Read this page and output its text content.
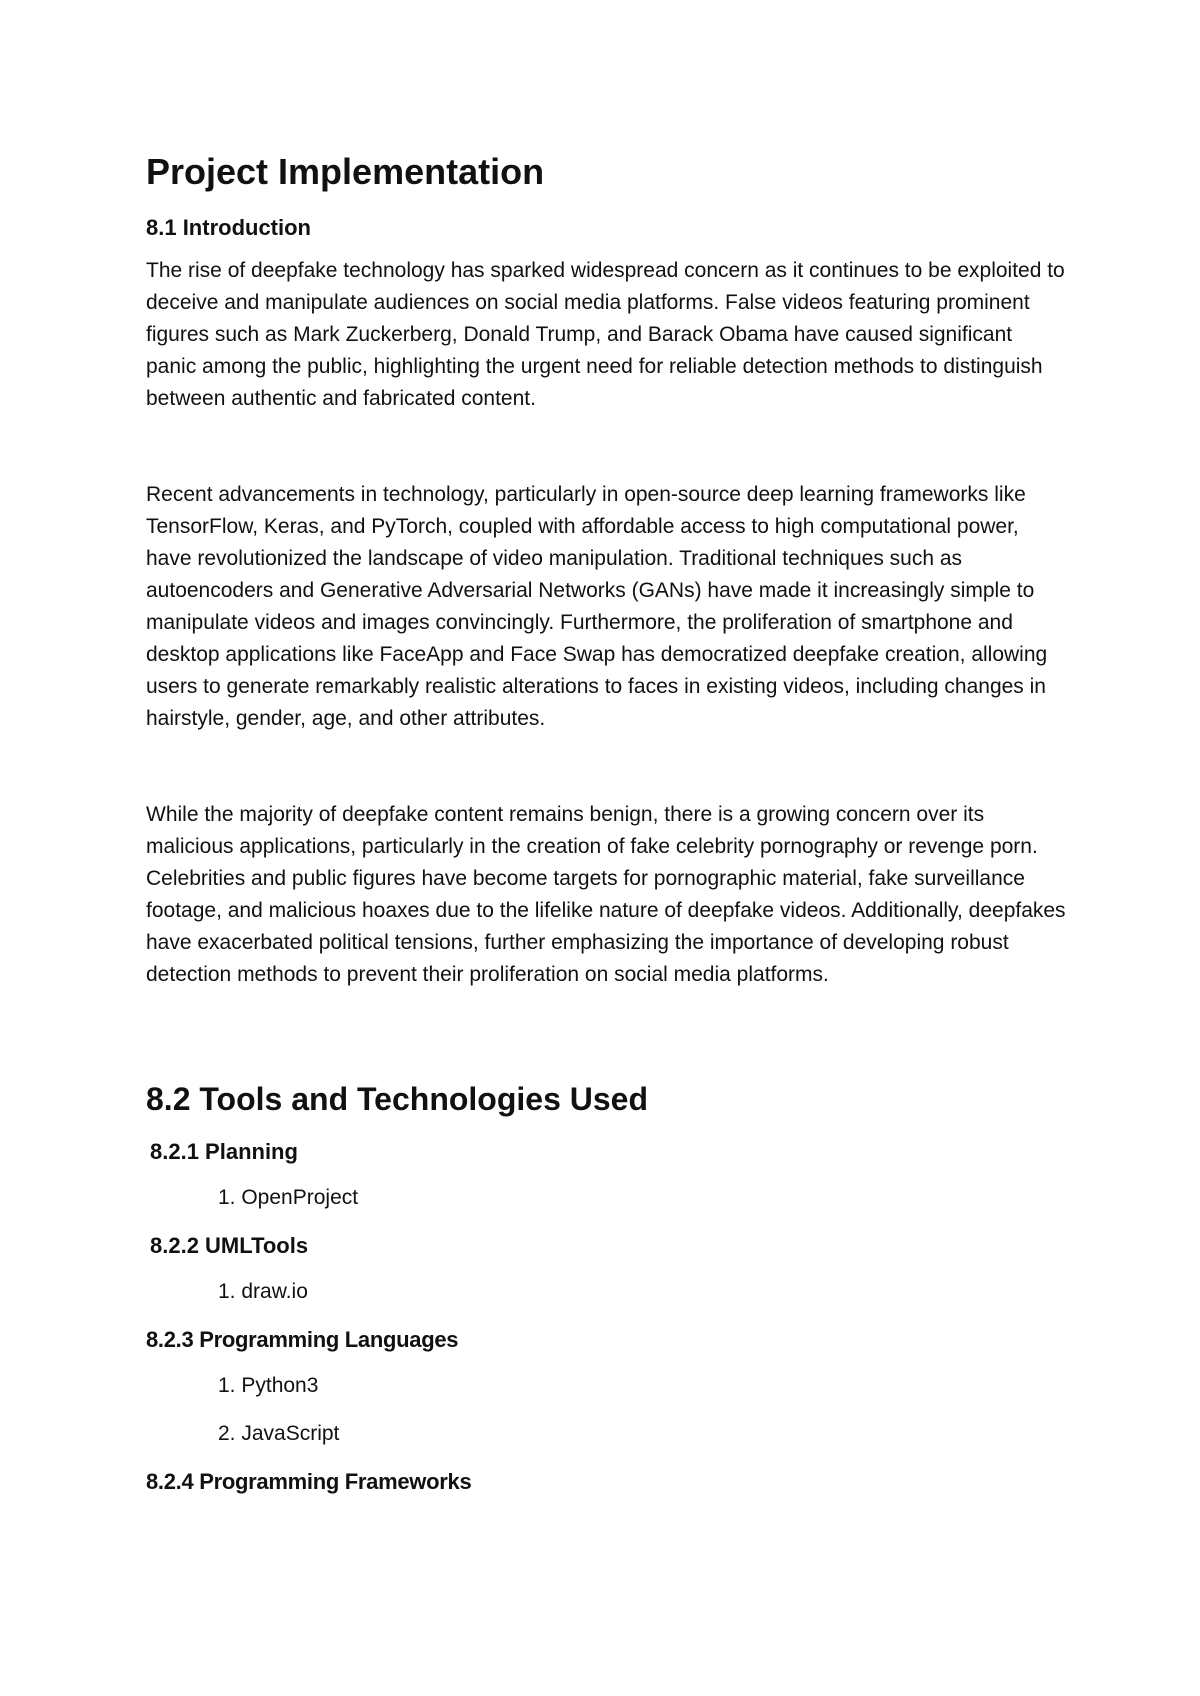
Project Implementation
8.1 Introduction

The rise of deepfake technology has sparked widespread concern as it continues to be exploited to deceive and manipulate audiences on social media platforms. False videos featuring prominent figures such as Mark Zuckerberg, Donald Trump, and Barack Obama have caused significant panic among the public, highlighting the urgent need for reliable detection methods to distinguish between authentic and fabricated content.

Recent advancements in technology, particularly in open-source deep learning frameworks like TensorFlow, Keras, and PyTorch, coupled with affordable access to high computational power, have revolutionized the landscape of video manipulation. Traditional techniques such as autoencoders and Generative Adversarial Networks (GANs) have made it increasingly simple to manipulate videos and images convincingly. Furthermore, the proliferation of smartphone and desktop applications like FaceApp and Face Swap has democratized deepfake creation, allowing users to generate remarkably realistic alterations to faces in existing videos, including changes in hairstyle, gender, age, and other attributes.

While the majority of deepfake content remains benign, there is a growing concern over its malicious applications, particularly in the creation of fake celebrity pornography or revenge porn. Celebrities and public figures have become targets for pornographic material, fake surveillance footage, and malicious hoaxes due to the lifelike nature of deepfake videos. Additionally, deepfakes have exacerbated political tensions, further emphasizing the importance of developing robust detection methods to prevent their proliferation on social media platforms.

8.2 Tools and Technologies Used
8.2.1 Planning
1. OpenProject
8.2.2 UMLTools
1. draw.io
8.2.3 Programming Languages
1. Python3
2. JavaScript
8.2.4 Programming Frameworks
